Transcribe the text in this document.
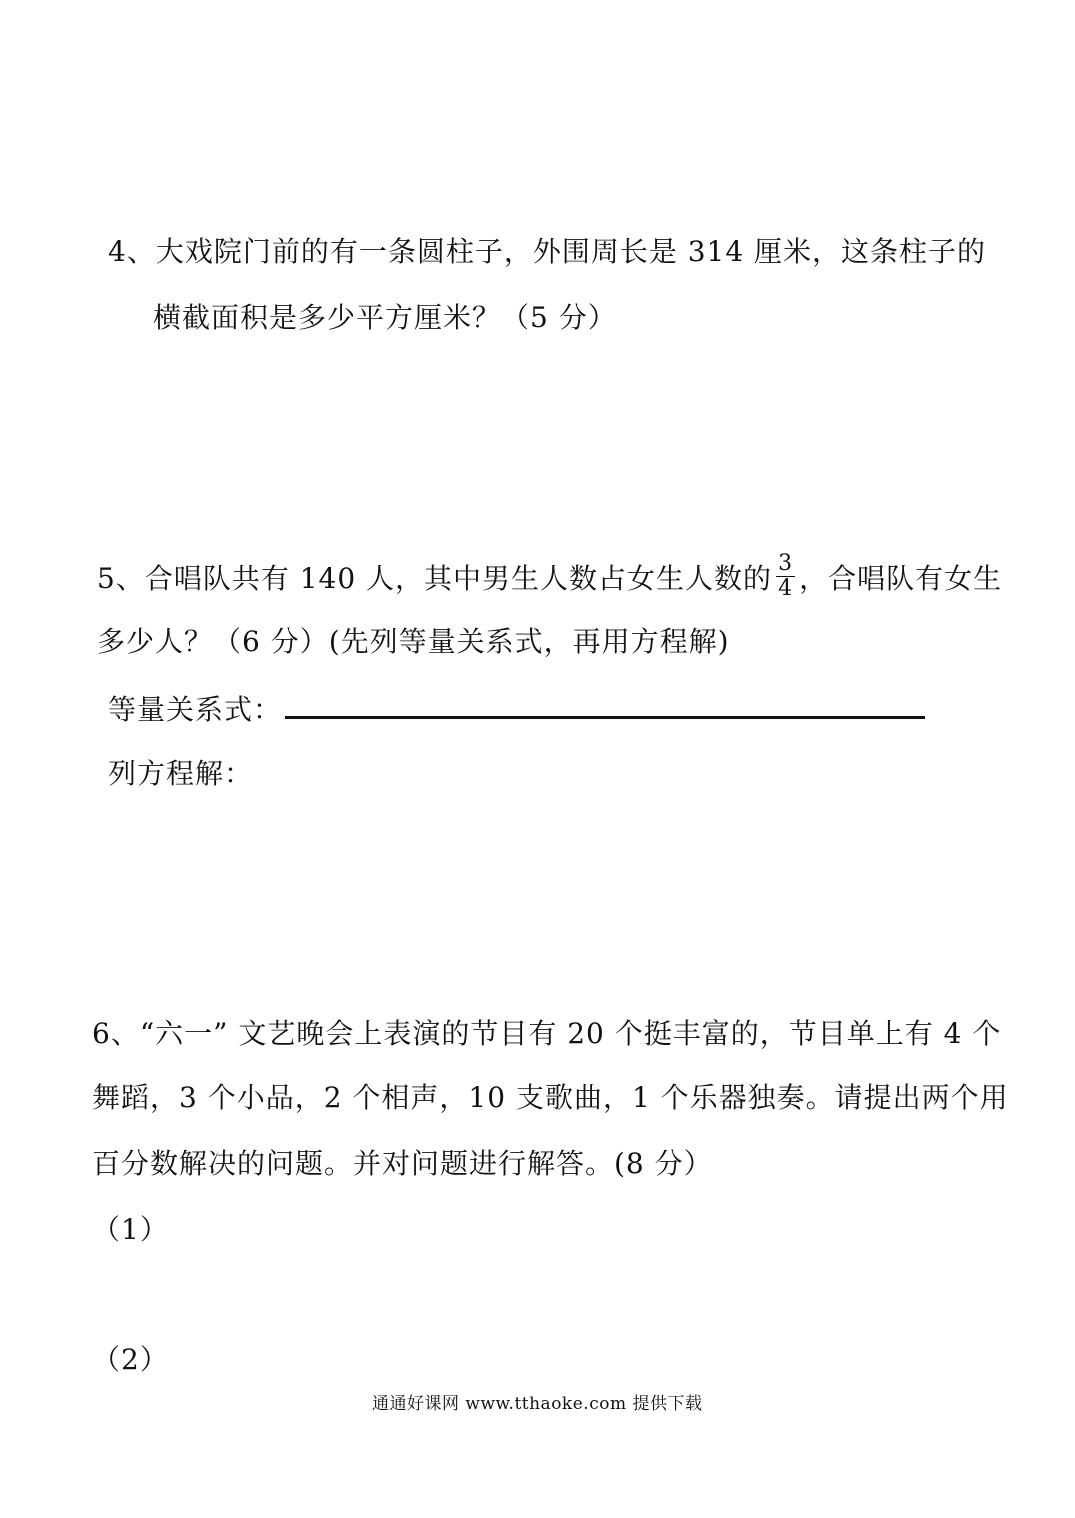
4、大戏院门前的有一条圆柱子，外围周长是 314 厘米，这条柱子的
横截面积是多少平方厘米？（5 分）
5、合唱队共有 140 人，其中男生人数占女生人数的 $\frac{3}{4}$ ，合唱队有女生
多少人？（6 分）(先列等量关系式，再用方程解)
等量关系式：
列方程解：
6、“六一” 文艺晚会上表演的节目有 20 个挺丰富的，节目单上有 4 个
舞蹈，3 个小品，2 个相声，10 支歌曲，1 个乐器独奏。请提出两个用
百分数解决的问题。并对问题进行解答。(8 分）
（1）
（2）
通通好课网 www.tthaoke.com 提供下载
